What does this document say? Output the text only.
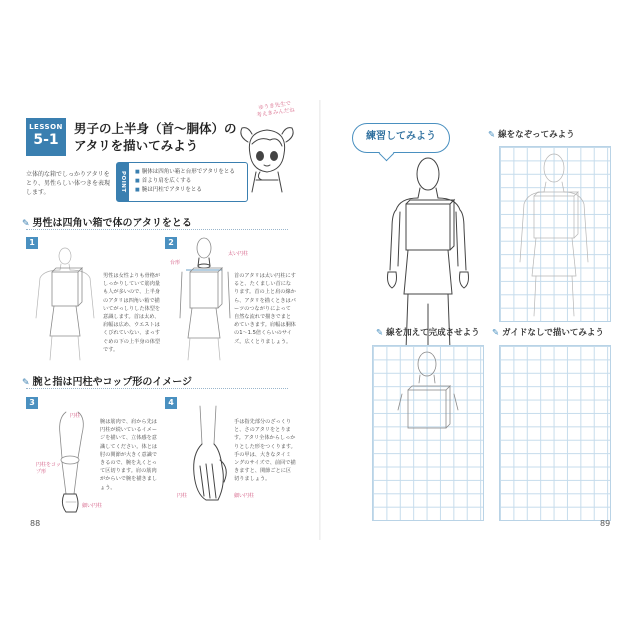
LESSON
5-1
男子の上半身（首～胴体）の
アタリを描いてみよう
ゆうき先生で
考えきみんだね
立体的な箱でしっかりアタリをとり、男性らしい体つきを表現します。	POINT
■	胴体は四角い箱と台形でアタリをとる
■ 首より肩を広くする
■ 腕は円柱でアタリをとる
✎ 男性は四角い箱で体のアタリをとる
1	2
男性は女性よりも骨格がしっかりしていて筋肉量も人が多いので、上半身のアタリは四角い箱で描いてがっしりした体型を意識します。首は太め、肩幅は広め、ウエストはくびれていない、まっすぐめの下の上半身の体型です。
太い円柱
台形
首のアタリは太い円柱にすると、たくましい首になります。首の上と肩の線から、アタリを描くときはパーツのつながりによって自然な流れで描きでまとめていきます。肩幅は胴体の1～1.5倍くらいのサイズ。広くとりましょう。
✎ 腕と指は円柱やコップ形のイメージ
3	4
円柱
円柱をコップ形
細い円柱
腕は筋肉で、肩から先は円柱が続いているイメージを描いて、立体感を意識してください。体とは肘の関節が大きく意識できるので、腕を丸くとって区切ります。肩の筋肉がからいで腕を描きましょう。
円柱	細い円柱
手は指先部分のざっくりと、さのアタリをとります。アタリ全体からしっかりとした形をつくります。手の甲は、大きなタイミングのサイズで、前回で描きますと、関節ごとに区切りましょう。
88
練習してみよう	✎ 線をなぞってみよう
✎ 線を加えて完成させよう ✎ ガイドなしで描いてみよう
89
